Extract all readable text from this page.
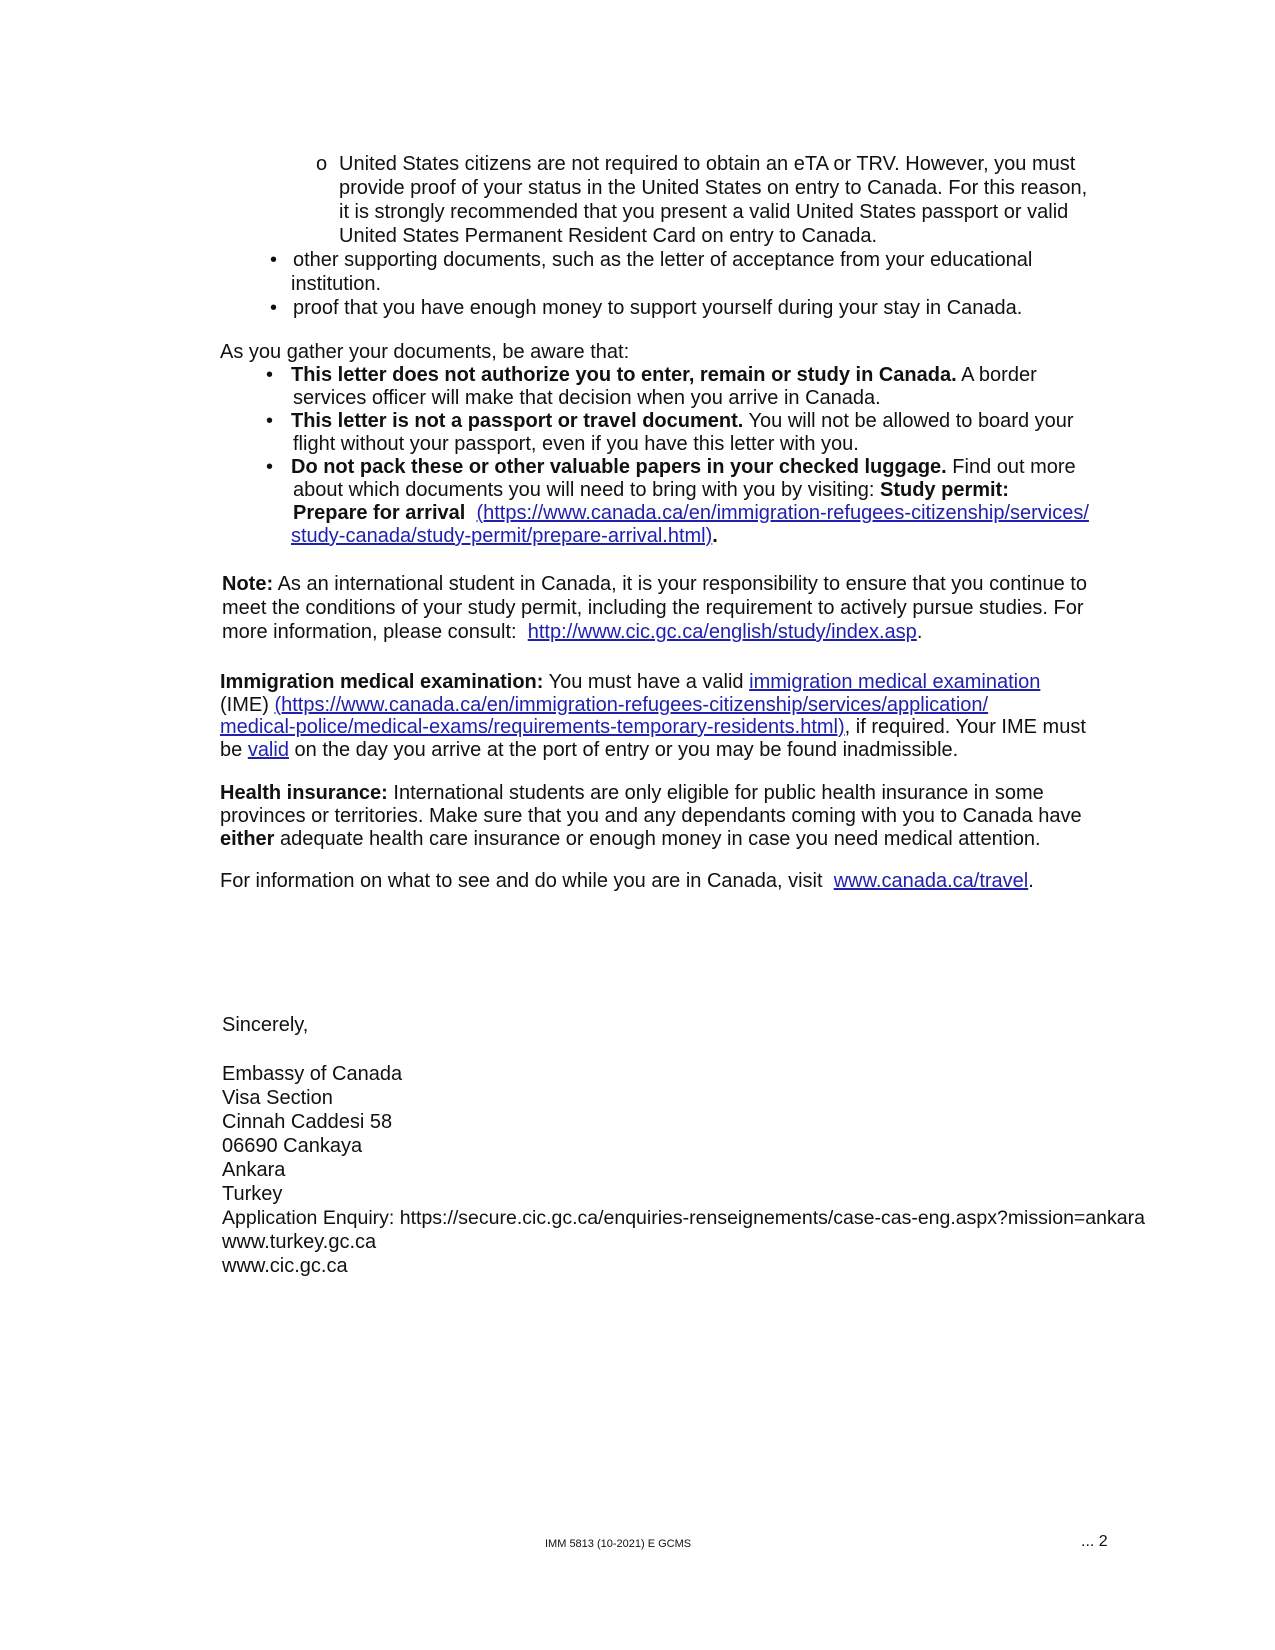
o United States citizens are not required to obtain an eTA or TRV. However, you must
provide proof of your status in the United States on entry to Canada. For this reason,
it is strongly recommended that you present a valid United States passport or valid
United States Permanent Resident Card on entry to Canada.
• other supporting documents, such as the letter of acceptance from your educational
institution.
• proof that you have enough money to support yourself during your stay in Canada.
As you gather your documents, be aware that:
• This letter does not authorize you to enter, remain or study in Canada. A border
services officer will make that decision when you arrive in Canada.
• This letter is not a passport or travel document. You will not be allowed to board your
flight without your passport, even if you have this letter with you.
• Do not pack these or other valuable papers in your checked luggage. Find out more
about which documents you will need to bring with you by visiting: Study permit:
Prepare for arrival (https://www.canada.ca/en/immigration-refugees-citizenship/services/
study-canada/study-permit/prepare-arrival.html).
Note: As an international student in Canada, it is your responsibility to ensure that you continue to
meet the conditions of your study permit, including the requirement to actively pursue studies. For
more information, please consult:  http://www.cic.gc.ca/english/study/index.asp.
Immigration medical examination: You must have a valid immigration medical examination
(IME) (https://www.canada.ca/en/immigration-refugees-citizenship/services/application/
medical-police/medical-exams/requirements-temporary-residents.html), if required. Your IME must
be valid on the day you arrive at the port of entry or you may be found inadmissible.
Health insurance: International students are only eligible for public health insurance in some
provinces or territories. Make sure that you and any dependants coming with you to Canada have
either adequate health care insurance or enough money in case you need medical attention.
For information on what to see and do while you are in Canada, visit  www.canada.ca/travel.
Sincerely,
Embassy of Canada
Visa Section
Cinnah Caddesi 58
06690 Cankaya
Ankara
Turkey
Application Enquiry: https://secure.cic.gc.ca/enquiries-renseignements/case-cas-eng.aspx?mission=ankara
www.turkey.gc.ca
www.cic.gc.ca
IMM 5813 (10-2021) E GCMS	... 2
